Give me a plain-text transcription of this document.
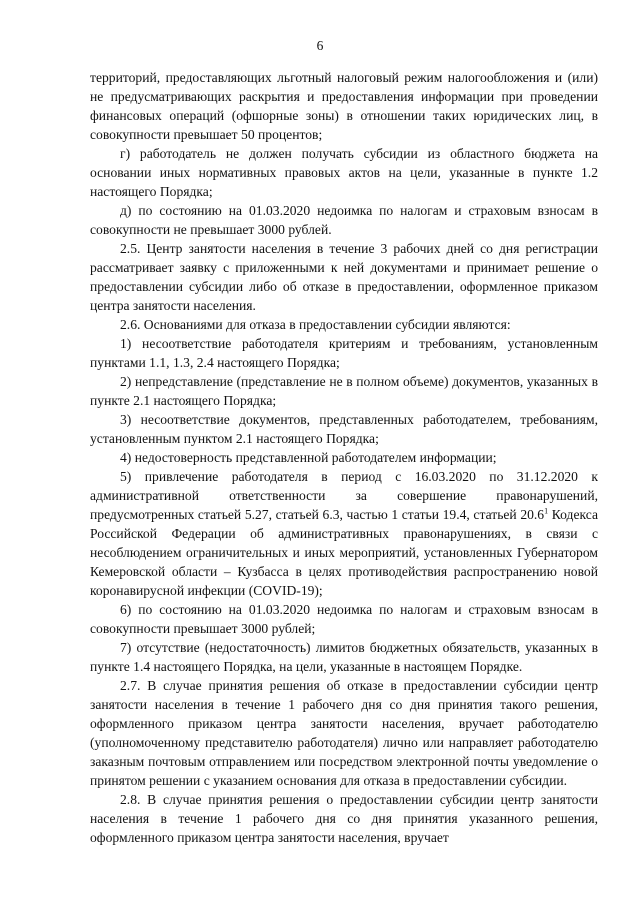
6

территорий, предоставляющих льготный налоговый режим налогообложения и (или) не предусматривающих раскрытия и предоставления информации при проведении финансовых операций (офшорные зоны) в отношении таких юридических лиц, в совокупности превышает 50 процентов;

г) работодатель не должен получать субсидии из областного бюджета на основании иных нормативных правовых актов на цели, указанные в пункте 1.2 настоящего Порядка;

д) по состоянию на 01.03.2020 недоимка по налогам и страховым взносам в совокупности не превышает 3000 рублей.

2.5. Центр занятости населения в течение 3 рабочих дней со дня регистрации рассматривает заявку с приложенными к ней документами и принимает решение о предоставлении субсидии либо об отказе в предоставлении, оформленное приказом центра занятости населения.

2.6. Основаниями для отказа в предоставлении субсидии являются:

1) несоответствие работодателя критериям и требованиям, установленным пунктами 1.1, 1.3, 2.4 настоящего Порядка;

2) непредставление (представление не в полном объеме) документов, указанных в пункте 2.1 настоящего Порядка;

3) несоответствие документов, представленных работодателем, требованиям, установленным пунктом 2.1 настоящего Порядка;

4) недостоверность представленной работодателем информации;

5) привлечение работодателя в период с 16.03.2020 по 31.12.2020 к административной ответственности за совершение правонарушений, предусмотренных статьей 5.27, статьей 6.3, частью 1 статьи 19.4, статьей 20.6$^1$ Кодекса Российской Федерации об административных правонарушениях, в связи с несоблюдением ограничительных и иных мероприятий, установленных Губернатором Кемеровской области – Кузбасса в целях противодействия распространению новой коронавирусной инфекции (COVID-19);

6) по состоянию на 01.03.2020 недоимка по налогам и страховым взносам в совокупности превышает 3000 рублей;

7) отсутствие (недостаточность) лимитов бюджетных обязательств, указанных в пункте 1.4 настоящего Порядка, на цели, указанные в настоящем Порядке.

2.7. В случае принятия решения об отказе в предоставлении субсидии центр занятости населения в течение 1 рабочего дня со дня принятия такого решения, оформленного приказом центра занятости населения, вручает работодателю (уполномоченному представителю работодателя) лично или направляет работодателю заказным почтовым отправлением или посредством электронной почты уведомление о принятом решении с указанием основания для отказа в предоставлении субсидии.

2.8. В случае принятия решения о предоставлении субсидии центр занятости населения в течение 1 рабочего дня со дня принятия указанного решения, оформленного приказом центра занятости населения, вручает
